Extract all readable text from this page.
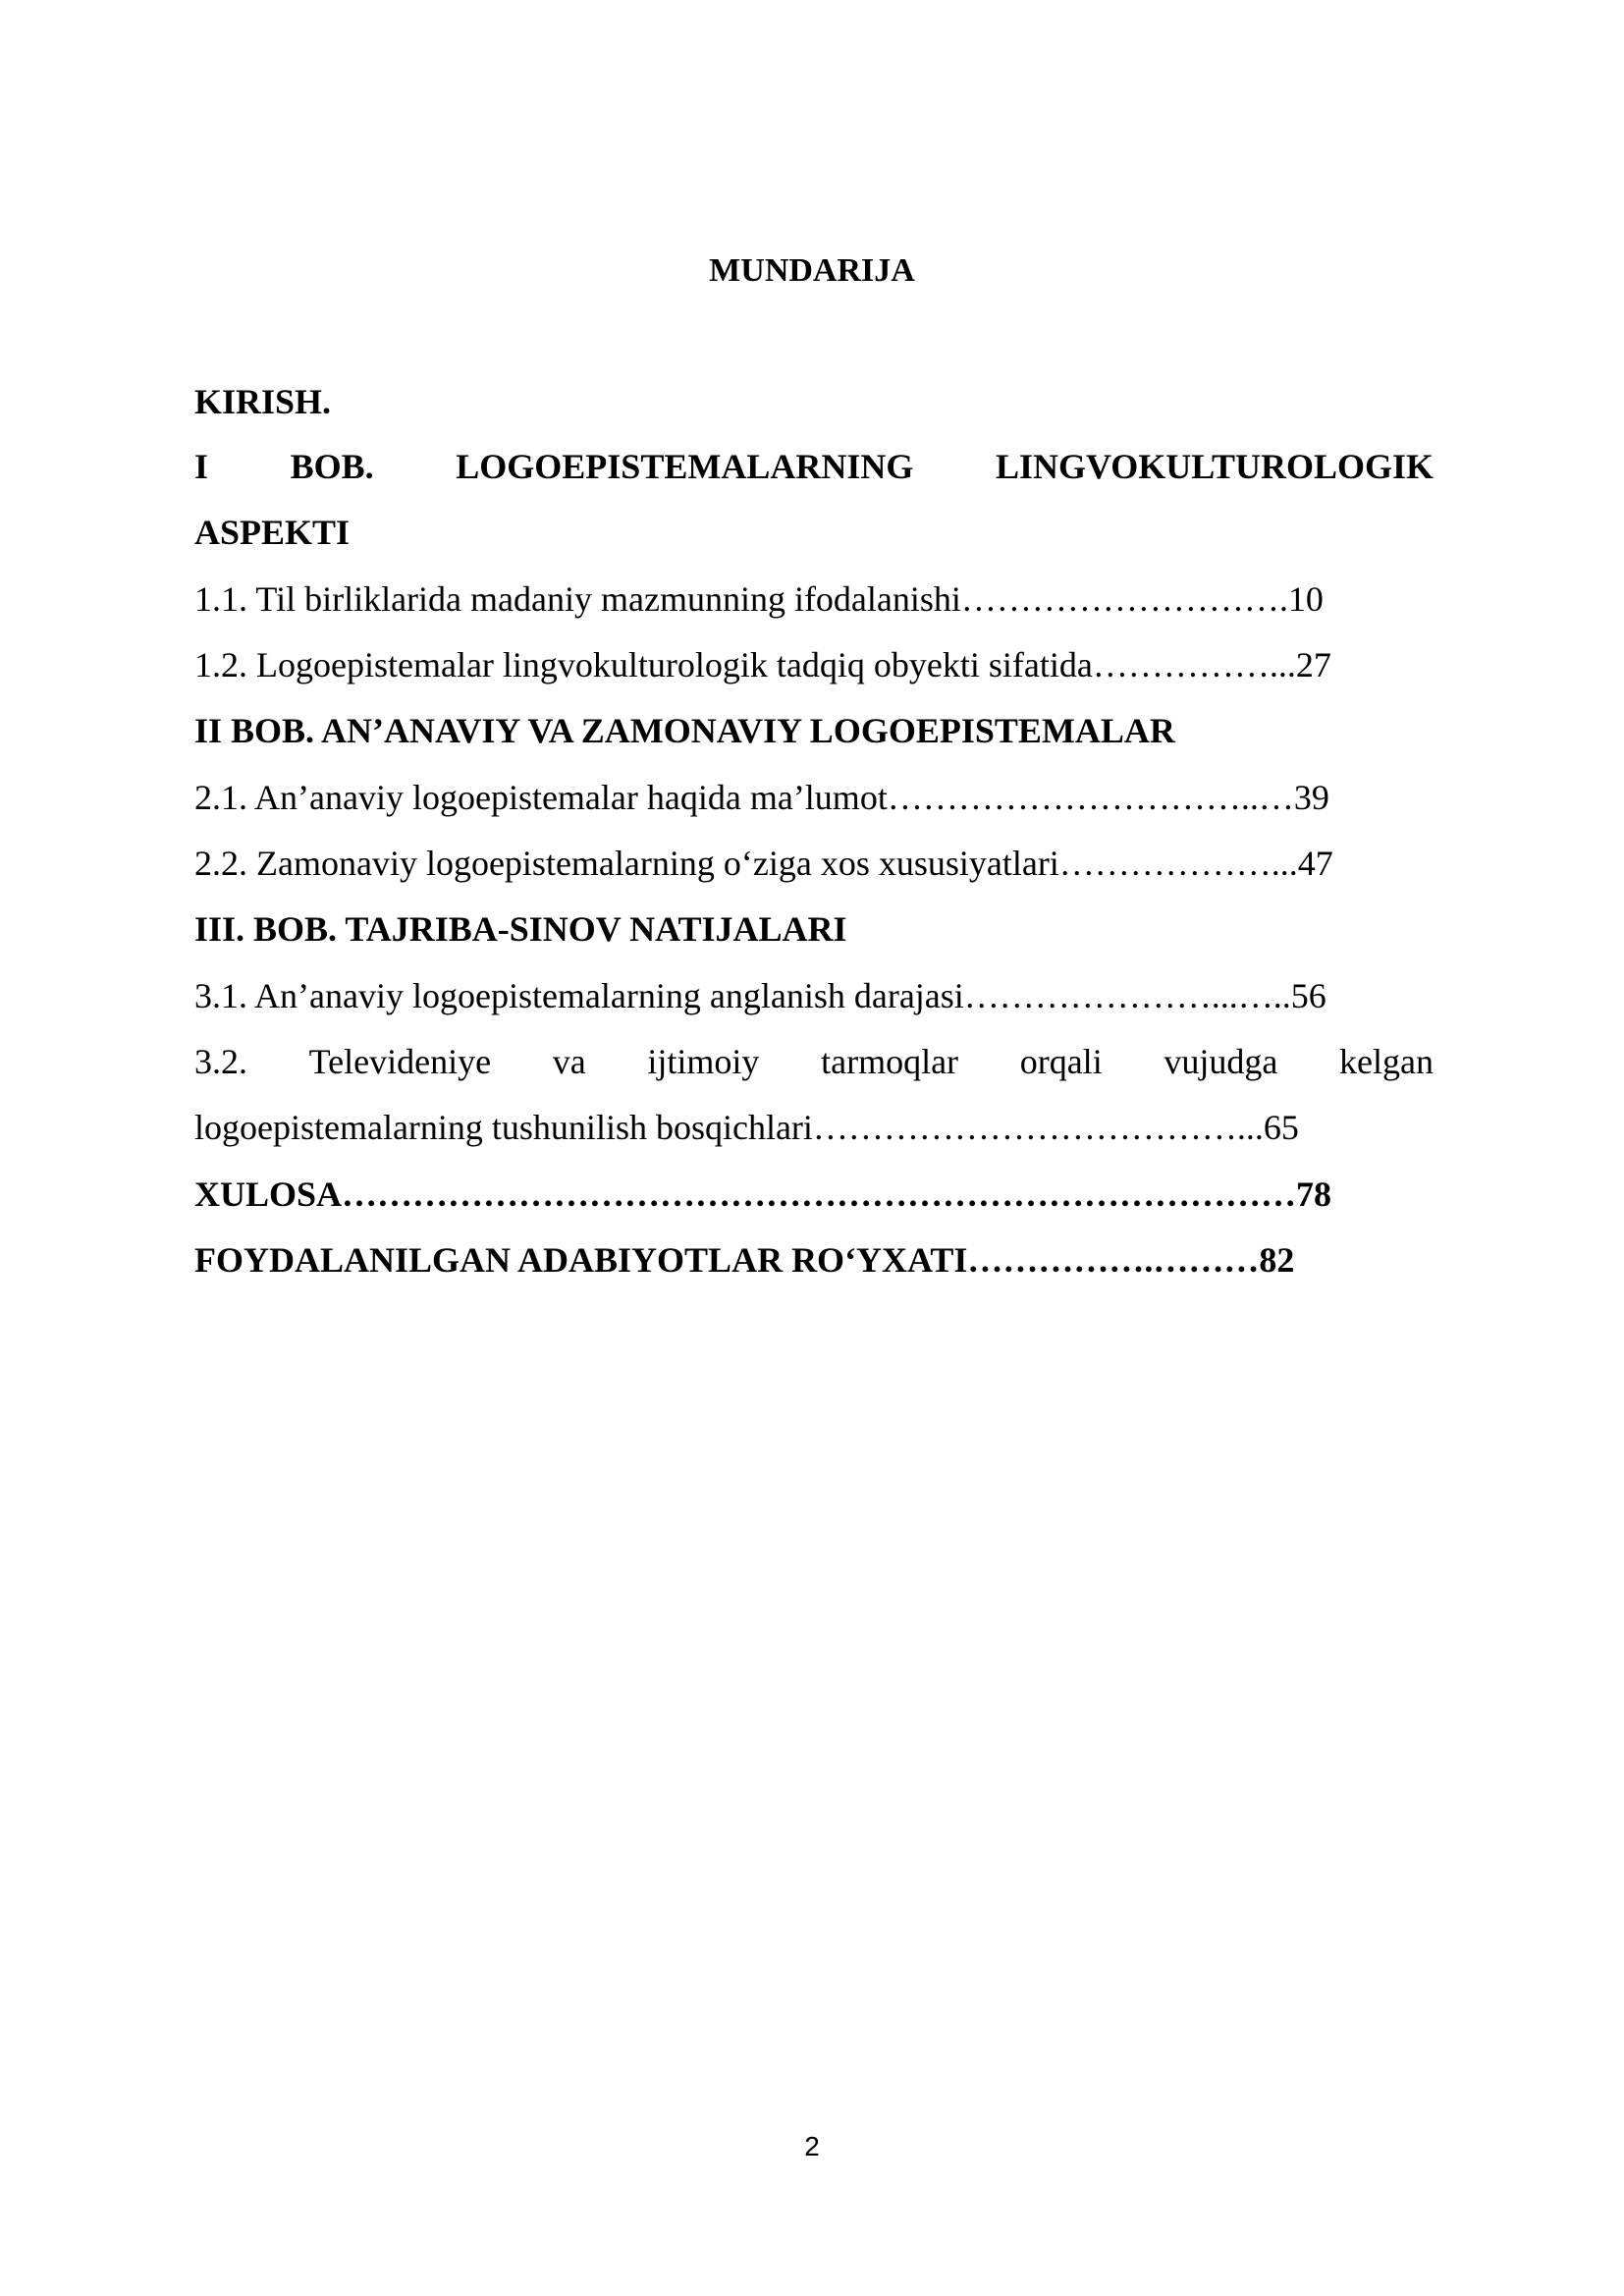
MUNDARIJA
KIRISH.
I BOB. LOGOEPISTEMALARNING LINGVOKULTUROLOGIK
ASPEKTI
1.1. Til birliklarida madaniy mazmunning ifodalanishi……………………….10
1.2. Logoepistemalar lingvokulturologik tadqiq obyekti sifatida……………...27
II BOB. AN’ANAVIY VA ZAMONAVIY LOGOEPISTEMALAR
2.1. An’anaviy logoepistemalar haqida ma’lumot…………………………..…39
2.2. Zamonaviy logoepistemalarning o‘ziga xos xususiyatlari………………...47
III. BOB. TAJRIBA-SINOV NATIJALARI
3.1. An’anaviy logoepistemalarning anglanish darajasi…………………...…..56
3.2. Televideniye va ijtimoiy tarmoqlar orqali vujudga kelgan
logoepistemalarning tushunilish bosqichlari………………………………...65
XULOSA………………………………………………………………………78
FOYDALANILGAN ADABIYOTLAR RO‘YXATI…………….………82
2
